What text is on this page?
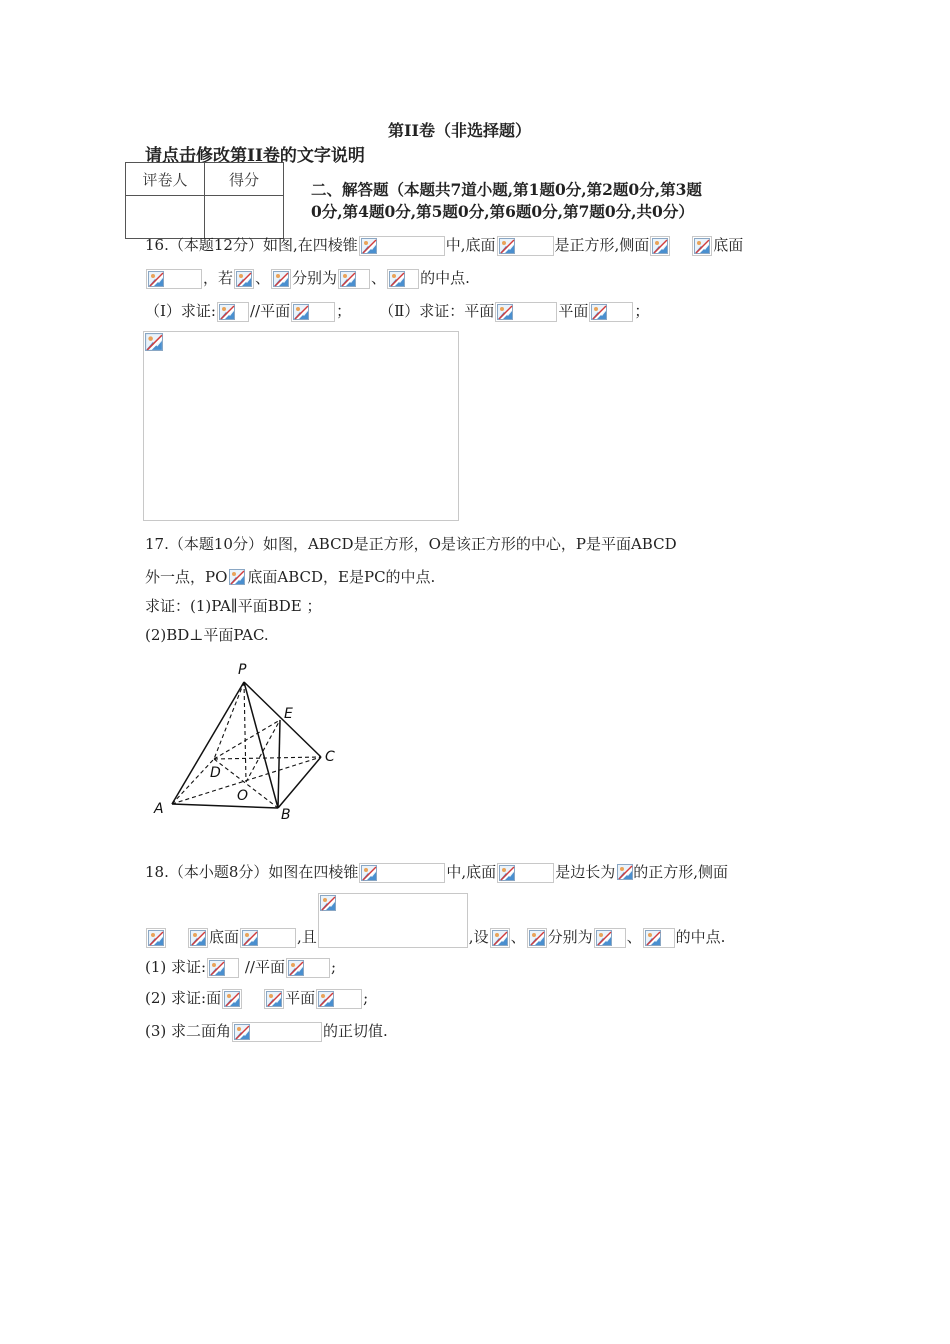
第II卷（非选择题）
请点击修改第II卷的文字说明
评卷人	得分

二、解答题（本题共7道小题,第1题0分,第2题0分,第3题
0分,第4题0分,第5题0分,第6题0分,第7题0分,共0分）
16.（本题12分）如图,在四棱锥	中,底面	是正方形,侧面	底面
，若 、 分别为 、 的中点.
（Ⅰ）求证: //平面	； （Ⅱ）求证：平面	平面	；
17.（本题10分）如图，ABCD是正方形，O是该正方形的中心，P是平面ABCD
外一点，PO 底面ABCD，E是PC的中点.
求证：(1)PA∥平面BDE ；
(2)BD⊥平面PAC.
P
E
C
D
O
A	B
18.（本小题8分）如图在四棱锥	中,底面	是边长为 的正方形,侧面
底面	,且	,设 、 分别为 、 的中点.
(1) 求证:
//平面	;
(2) 求证:面	平面	;
(3) 求二面角	的正切值.
